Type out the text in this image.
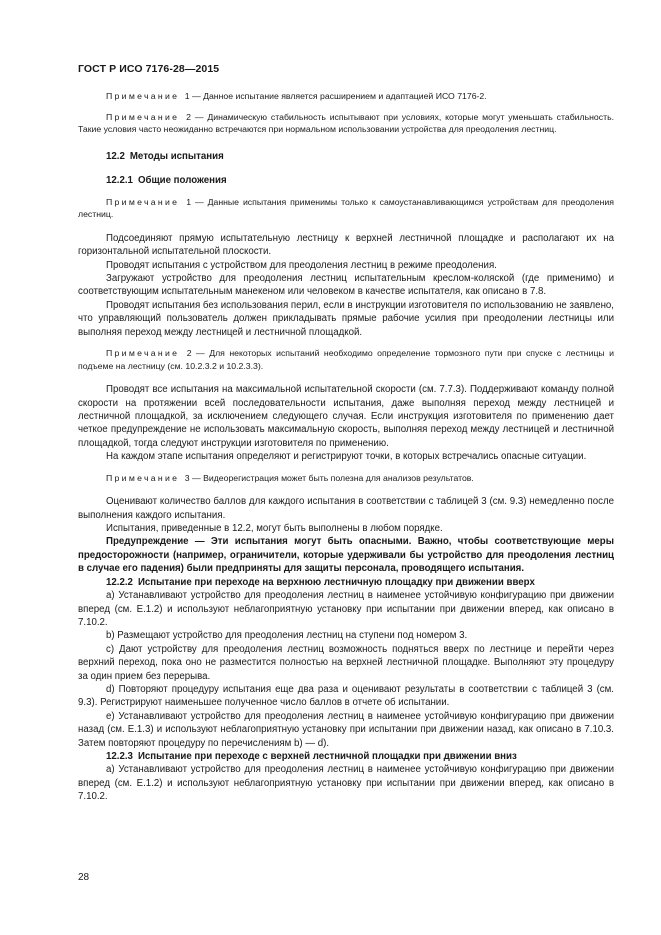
ГОСТ Р ИСО 7176-28—2015

Примечание 1 — Данное испытание является расширением и адаптацией ИСО 7176-2.

Примечание 2 — Динамическую стабильность испытывают при условиях, которые могут уменьшать стабильность. Такие условия часто неожиданно встречаются при нормальном использовании устройства для преодоления лестниц.

12.2 Методы испытания

12.2.1 Общие положения

Примечание 1 — Данные испытания применимы только к самоустанавливающимся устройствам для преодоления лестниц.

Подсоединяют прямую испытательную лестницу к верхней лестничной площадке и располагают их на горизонтальной испытательной плоскости.

Проводят испытания с устройством для преодоления лестниц в режиме преодоления.

Загружают устройство для преодоления лестниц испытательным креслом-коляской (где применимо) и соответствующим испытательным манекеном или человеком в качестве испытателя, как описано в 7.8.

Проводят испытания без использования перил, если в инструкции изготовителя по использованию не заявлено, что управляющий пользователь должен прикладывать прямые рабочие усилия при преодолении лестницы или выполняя переход между лестницей и лестничной площадкой.

Примечание 2 — Для некоторых испытаний необходимо определение тормозного пути при спуске с лестницы и подъеме на лестницу (см. 10.2.3.2 и 10.2.3.3).

Проводят все испытания на максимальной испытательной скорости (см. 7.7.3). Поддерживают команду полной скорости на протяжении всей последовательности испытания, даже выполняя переход между лестницей и лестничной площадкой, за исключением следующего случая. Если инструкция изготовителя по применению дает четкое предупреждение не использовать максимальную скорость, выполняя переход между лестницей и лестничной площадкой, тогда следуют инструкции изготовителя по применению.

На каждом этапе испытания определяют и регистрируют точки, в которых встречались опасные ситуации.

Примечание 3 — Видеорегистрация может быть полезна для анализов результатов.

Оценивают количество баллов для каждого испытания в соответствии с таблицей 3 (см. 9.3) немедленно после выполнения каждого испытания.

Испытания, приведенные в 12.2, могут быть выполнены в любом порядке.

Предупреждение — Эти испытания могут быть опасными. Важно, чтобы соответствующие меры предосторожности (например, ограничители, которые удерживали бы устройство для преодоления лестниц в случае его падения) были предприняты для защиты персонала, проводящего испытания.

12.2.2 Испытание при переходе на верхнюю лестничную площадку при движении вверх

а) Устанавливают устройство для преодоления лестниц в наименее устойчивую конфигурацию при движении вперед (см. Е.1.2) и используют неблагоприятную установку при испытании при движении вперед, как описано в 7.10.2.

b) Размещают устройство для преодоления лестниц на ступени под номером 3.

с) Дают устройству для преодоления лестниц возможность подняться вверх по лестнице и перейти через верхний переход, пока оно не разместится полностью на верхней лестничной площадке. Выполняют эту процедуру за один прием без перерыва.

d) Повторяют процедуру испытания еще два раза и оценивают результаты в соответствии с таблицей 3 (см. 9.3). Регистрируют наименьшее полученное число баллов в отчете об испытании.

е) Устанавливают устройство для преодоления лестниц в наименее устойчивую конфигурацию при движении назад (см. Е.1.3) и используют неблагоприятную установку при испытании при движении назад, как описано в 7.10.3. Затем повторяют процедуру по перечислениям b) — d).

12.2.3 Испытание при переходе с верхней лестничной площадки при движении вниз

а) Устанавливают устройство для преодоления лестниц в наименее устойчивую конфигурацию при движении вперед (см. Е.1.2) и используют неблагоприятную установку при испытании при движении вперед, как описано в 7.10.2.

28
